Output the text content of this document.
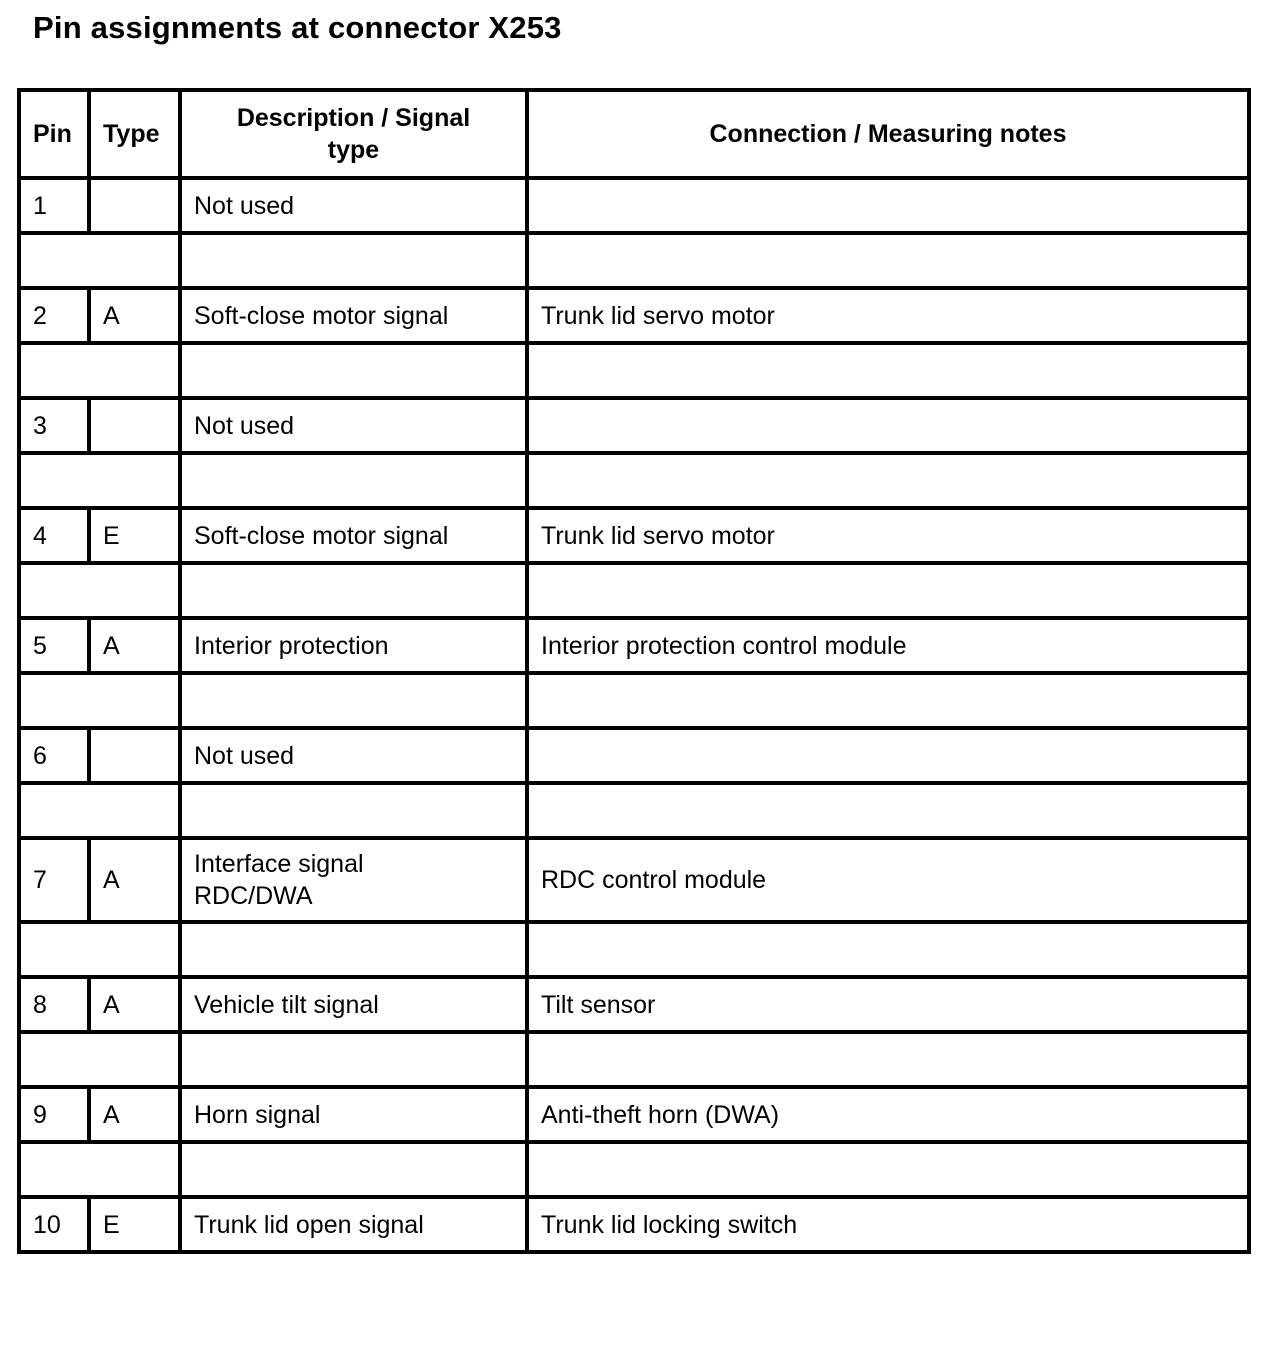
Pin assignments at connector X253
Pin	Type	Description / Signal type	Connection / Measuring notes
1		Not used	

2	A	Soft-close motor signal	Trunk lid servo motor

3		Not used	

4	E	Soft-close motor signal	Trunk lid servo motor

5	A	Interior protection	Interior protection control module

6		Not used	

7	A	Interface signal RDC/DWA	RDC control module

8	A	Vehicle tilt signal	Tilt sensor

9	A	Horn signal	Anti-theft horn (DWA)

10	E	Trunk lid open signal	Trunk lid locking switch
